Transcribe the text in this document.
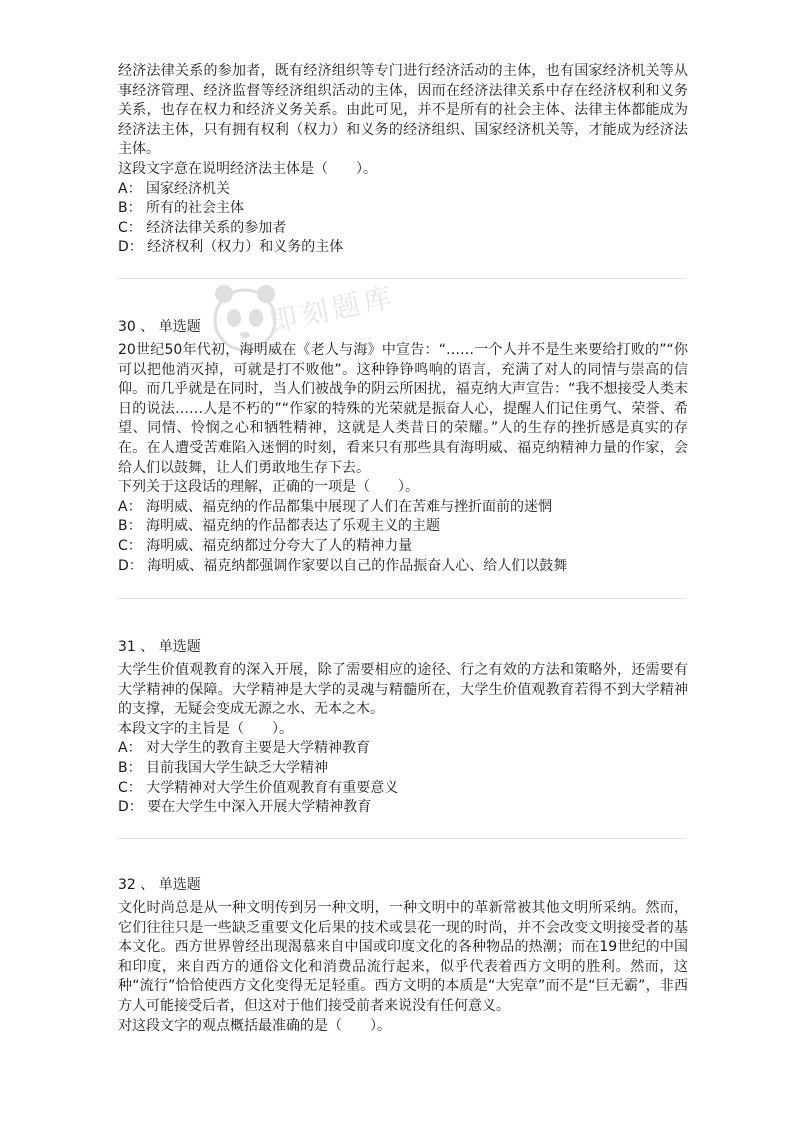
经济法律关系的参加者，既有经济组织等专门进行经济活动的主体，也有国家经济机关等从事经济管理、经济监督等经济组织活动的主体，因而在经济法律关系中存在经济权利和义务关系，也存在权力和经济义务关系。由此可见，并不是所有的社会主体、法律主体都能成为经济法主体，只有拥有权利（权力）和义务的经济组织、国家经济机关等，才能成为经济法主体。

这段文字意在说明经济法主体是（　　）。

A： 国家经济机关

B： 所有的社会主体

C： 经济法律关系的参加者

D： 经济权利（权力）和义务的主体

即刻题库
30 、 单选题

20世纪50年代初，海明威在《老人与海》中宣告：“……一个人并不是生来要给打败的”“你可以把他消灭掉，可就是打不败他”。这种铮铮鸣响的语言，充满了对人的同情与崇高的信仰。而几乎就是在同时，当人们被战争的阴云所困扰，福克纳大声宣告：“我不想接受人类末日的说法……人是不朽的”“作家的特殊的光荣就是振奋人心，提醒人们记住勇气、荣誉、希望、同情、怜悯之心和牺牲精神，这就是人类昔日的荣耀。”人的生存的挫折感是真实的存在。在人遭受苦难陷入迷惘的时刻，看来只有那些具有海明威、福克纳精神力量的作家，会给人们以鼓舞，让人们勇敢地生存下去。

下列关于这段话的理解，正确的一项是（　　）。

A： 海明威、福克纳的作品都集中展现了人们在苦难与挫折面前的迷惘

B： 海明威、福克纳的作品都表达了乐观主义的主题

C： 海明威、福克纳都过分夸大了人的精神力量

D： 海明威、福克纳都强调作家要以自己的作品振奋人心、给人们以鼓舞

31 、 单选题

大学生价值观教育的深入开展，除了需要相应的途径、行之有效的方法和策略外，还需要有大学精神的保障。大学精神是大学的灵魂与精髓所在，大学生价值观教育若得不到大学精神的支撑，无疑会变成无源之水、无本之木。

本段文字的主旨是（　　）。

A： 对大学生的教育主要是大学精神教育

B： 目前我国大学生缺乏大学精神

C： 大学精神对大学生价值观教育有重要意义

D： 要在大学生中深入开展大学精神教育

32 、 单选题

文化时尚总是从一种文明传到另一种文明，一种文明中的革新常被其他文明所采纳。然而，它们往往只是一些缺乏重要文化后果的技术或昙花一现的时尚，并不会改变文明接受者的基本文化。西方世界曾经出现渴慕来自中国或印度文化的各种物品的热潮；而在19世纪的中国和印度，来自西方的通俗文化和消费品流行起来，似乎代表着西方文明的胜利。然而，这种“流行”恰恰使西方文化变得无足轻重。西方文明的本质是“大宪章”而不是“巨无霸”，非西方人可能接受后者，但这对于他们接受前者来说没有任何意义。

对这段文字的观点概括最准确的是（　　）。
